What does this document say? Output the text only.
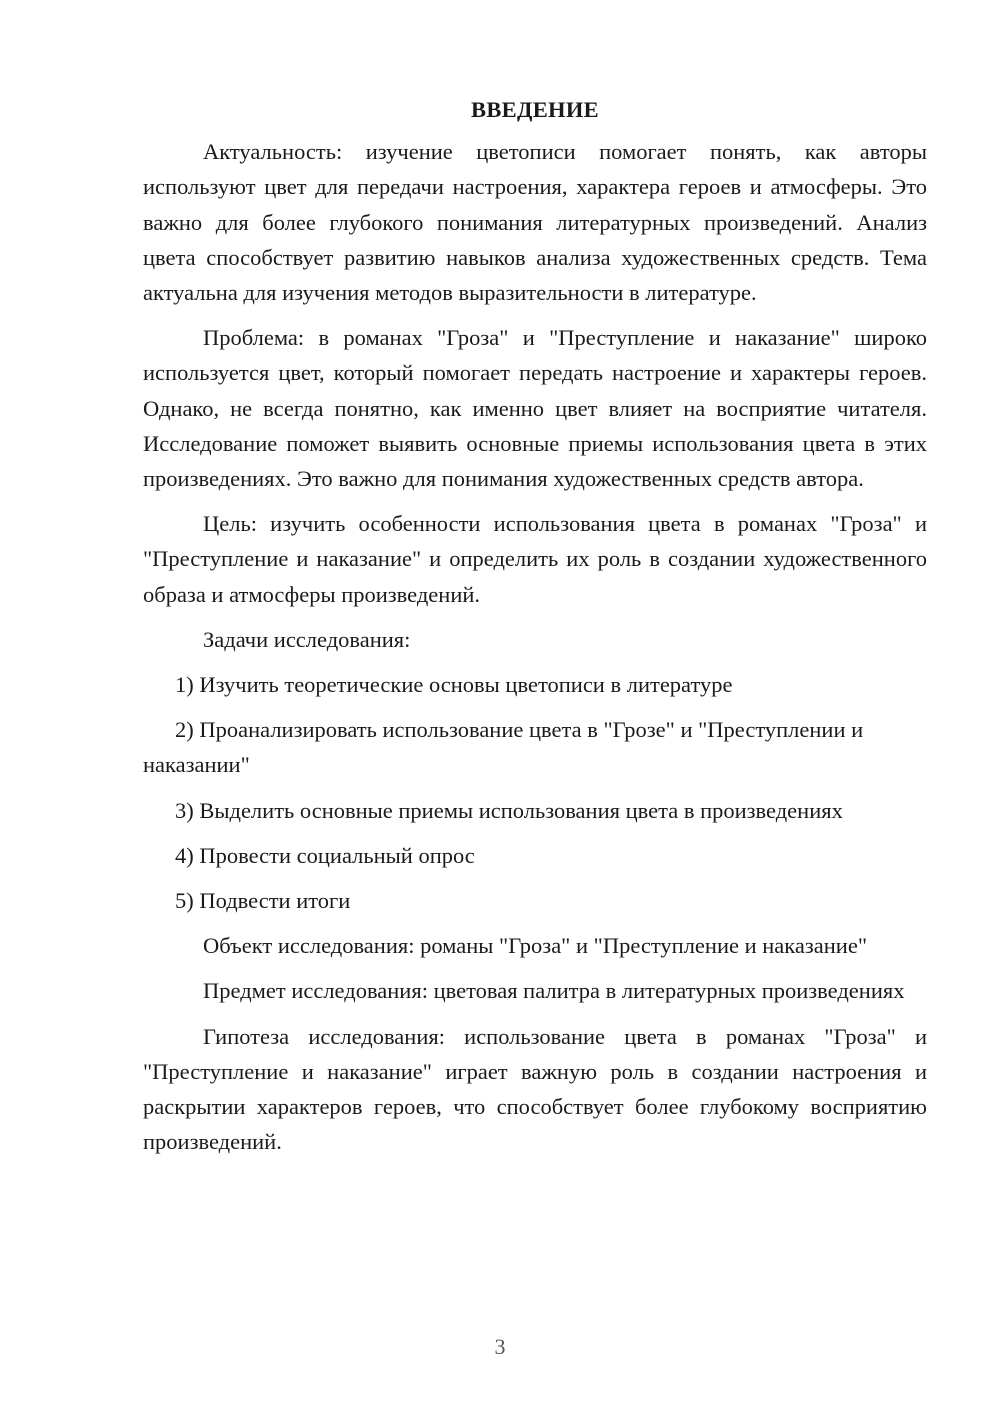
ВВЕДЕНИЕ

Актуальность: изучение цветописи помогает понять, как авторы используют цвет для передачи настроения, характера героев и атмосферы. Это важно для более глубокого понимания литературных произведений. Анализ цвета способствует развитию навыков анализа художественных средств. Тема актуальна для изучения методов выразительности в литературе.

Проблема: в романах "Гроза" и "Преступление и наказание" широко используется цвет, который помогает передать настроение и характеры героев. Однако, не всегда понятно, как именно цвет влияет на восприятие читателя. Исследование поможет выявить основные приемы использования цвета в этих произведениях. Это важно для понимания художественных средств автора.

Цель: изучить особенности использования цвета в романах "Гроза" и "Преступление и наказание" и определить их роль в создании художественного образа и атмосферы произведений.

Задачи исследования:

1) Изучить теоретические основы цветописи в литературе

2) Проанализировать использование цвета в "Грозе" и "Преступлении и наказании"

3) Выделить основные приемы использования цвета в произведениях

4) Провести социальный опрос

5) Подвести итоги

Объект исследования: романы "Гроза" и "Преступление и наказание"

Предмет исследования: цветовая палитра в литературных произведениях

Гипотеза исследования: использование цвета в романах "Гроза" и "Преступление и наказание" играет важную роль в создании настроения и раскрытии характеров героев, что способствует более глубокому восприятию произведений.

3
